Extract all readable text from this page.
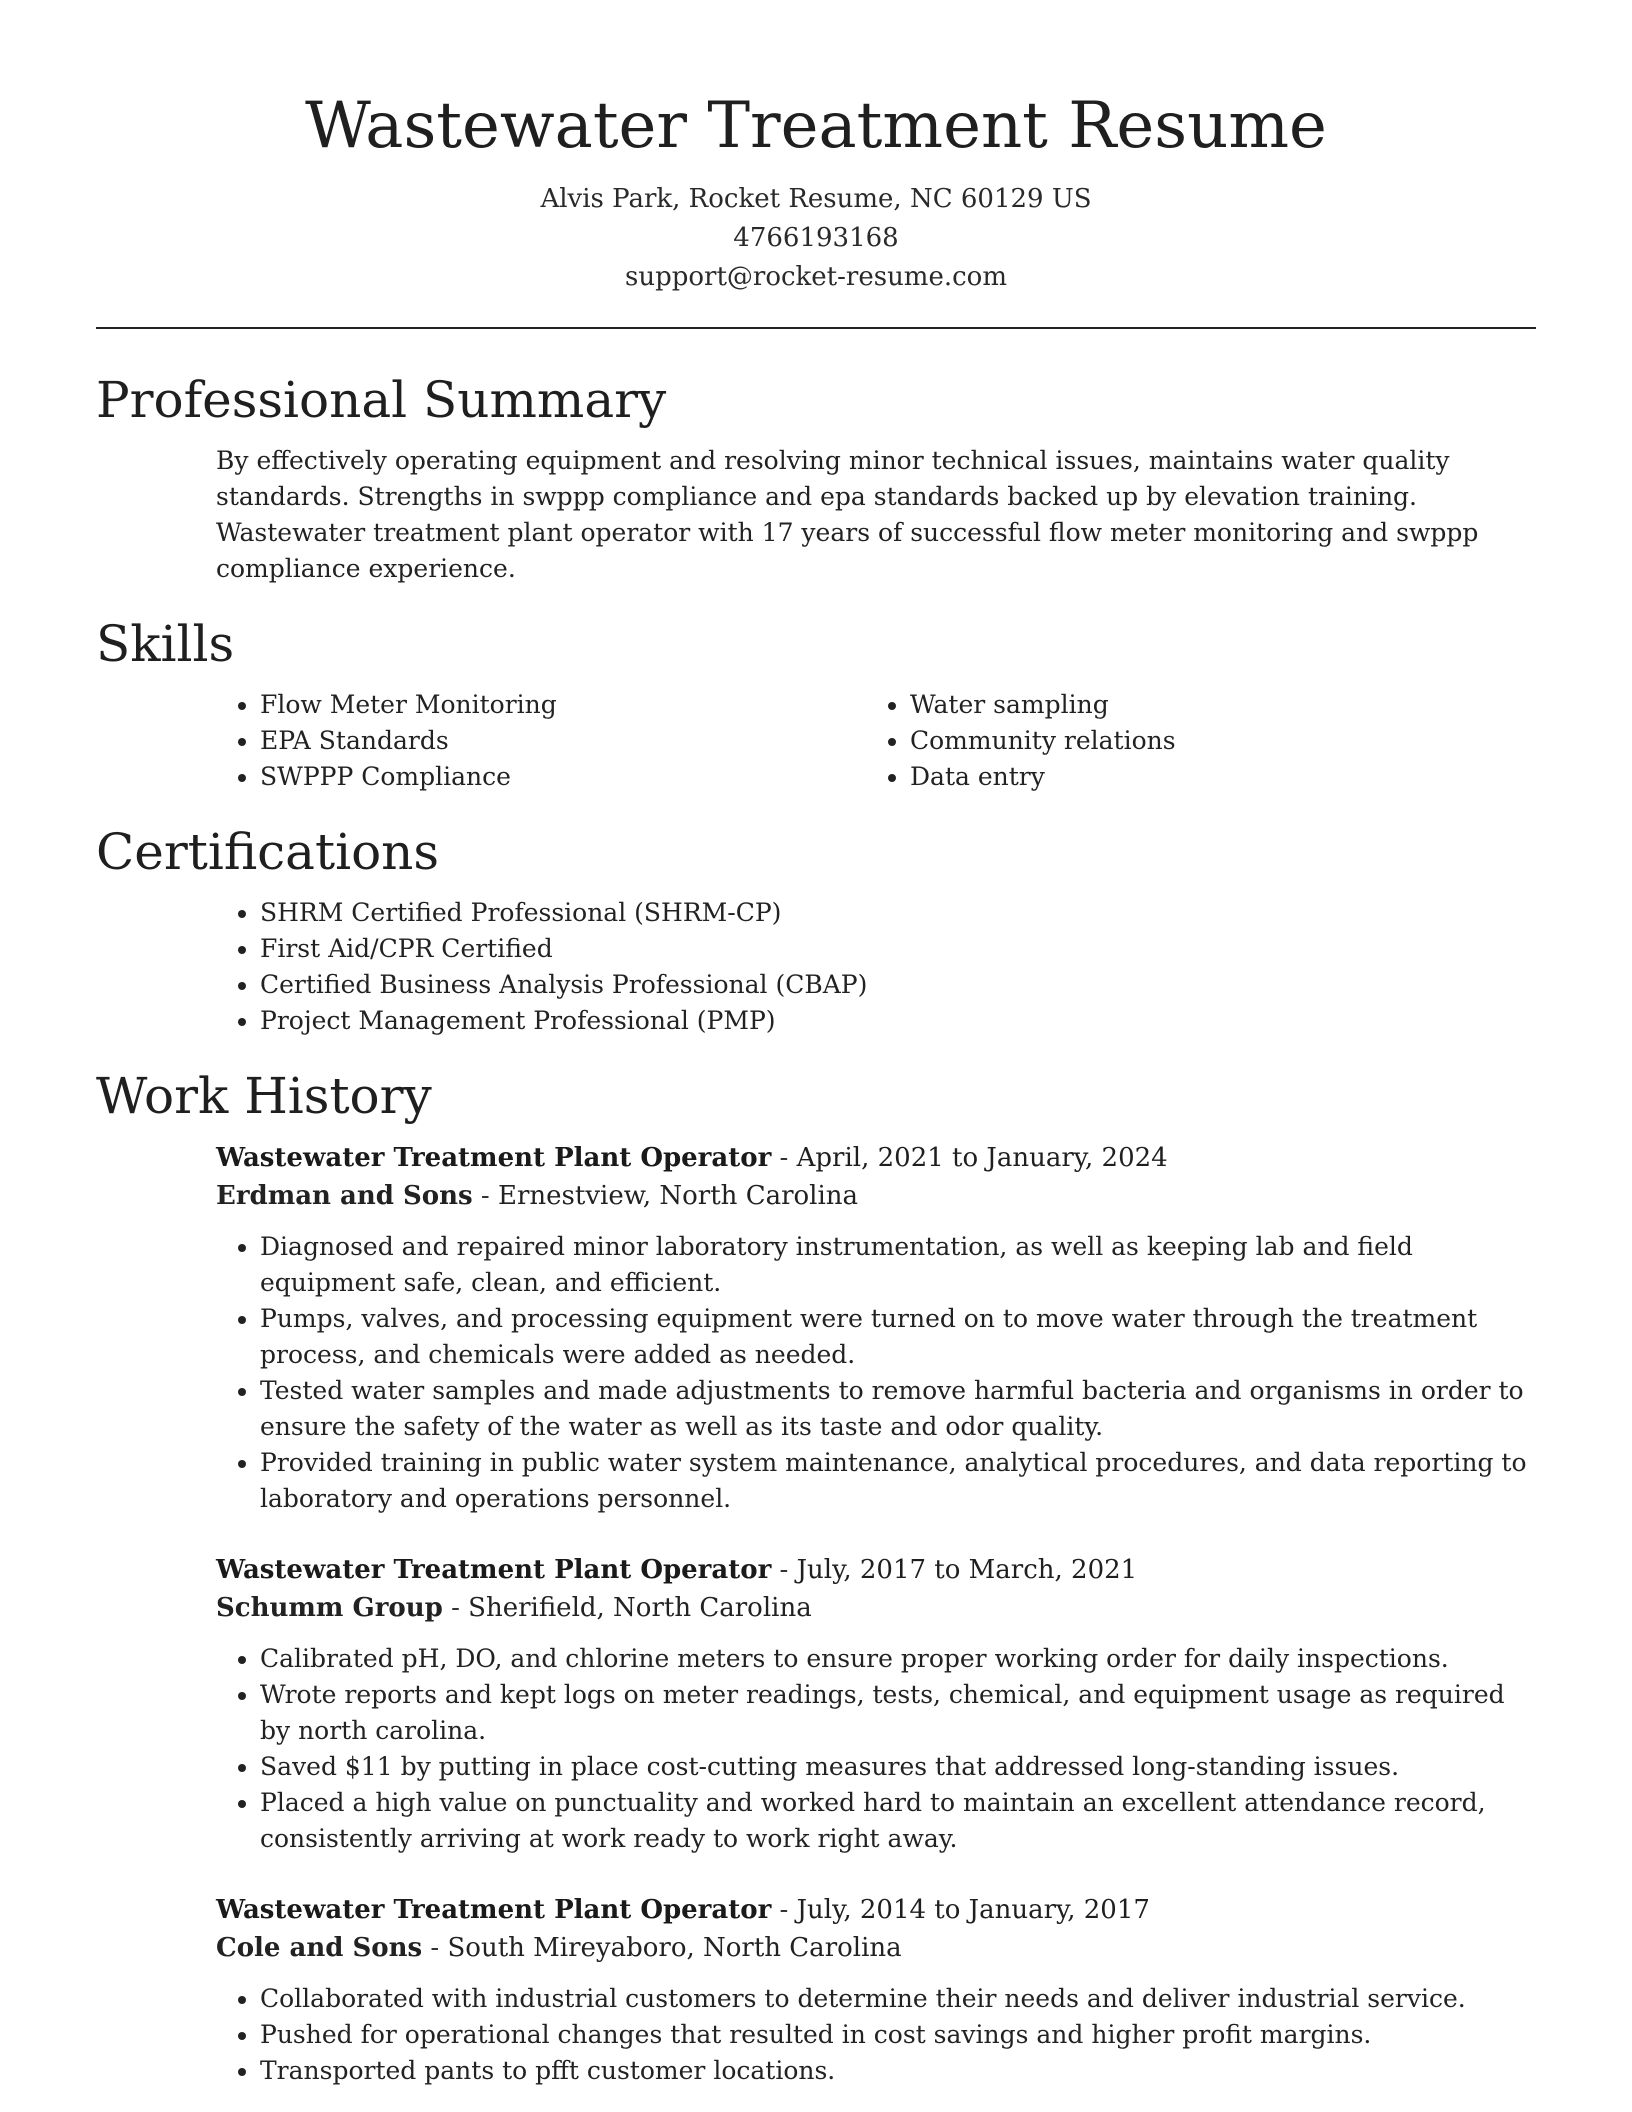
Wastewater Treatment Resume
Alvis Park, Rocket Resume, NC 60129 US
4766193168
support@rocket-resume.com
Professional Summary

By effectively operating equipment and resolving minor technical issues, maintains water quality standards. Strengths in swppp compliance and epa standards backed up by elevation training. Wastewater treatment plant operator with 17 years of successful flow meter monitoring and swppp compliance experience.

Skills
• Flow Meter Monitoring
• EPA Standards
• SWPPP Compliance
• Water sampling
• Community relations
• Data entry
Certifications
• SHRM Certified Professional (SHRM-CP)
• First Aid/CPR Certified
• Certified Business Analysis Professional (CBAP)
• Project Management Professional (PMP)
Work History
Wastewater Treatment Plant Operator - April, 2021 to January, 2024
Erdman and Sons - Ernestview, North Carolina
• Diagnosed and repaired minor laboratory instrumentation, as well as keeping lab and field equipment safe, clean, and efficient.
• Pumps, valves, and processing equipment were turned on to move water through the treatment process, and chemicals were added as needed.
• Tested water samples and made adjustments to remove harmful bacteria and organisms in order to ensure the safety of the water as well as its taste and odor quality.
• Provided training in public water system maintenance, analytical procedures, and data reporting to laboratory and operations personnel.
Wastewater Treatment Plant Operator - July, 2017 to March, 2021
Schumm Group - Sherifield, North Carolina
• Calibrated pH, DO, and chlorine meters to ensure proper working order for daily inspections.
• Wrote reports and kept logs on meter readings, tests, chemical, and equipment usage as required by north carolina.
• Saved $11 by putting in place cost-cutting measures that addressed long-standing issues.
• Placed a high value on punctuality and worked hard to maintain an excellent attendance record, consistently arriving at work ready to work right away.
Wastewater Treatment Plant Operator - July, 2014 to January, 2017
Cole and Sons - South Mireyaboro, North Carolina
• Collaborated with industrial customers to determine their needs and deliver industrial service.
• Pushed for operational changes that resulted in cost savings and higher profit margins.
• Transported pants to pfft customer locations.
